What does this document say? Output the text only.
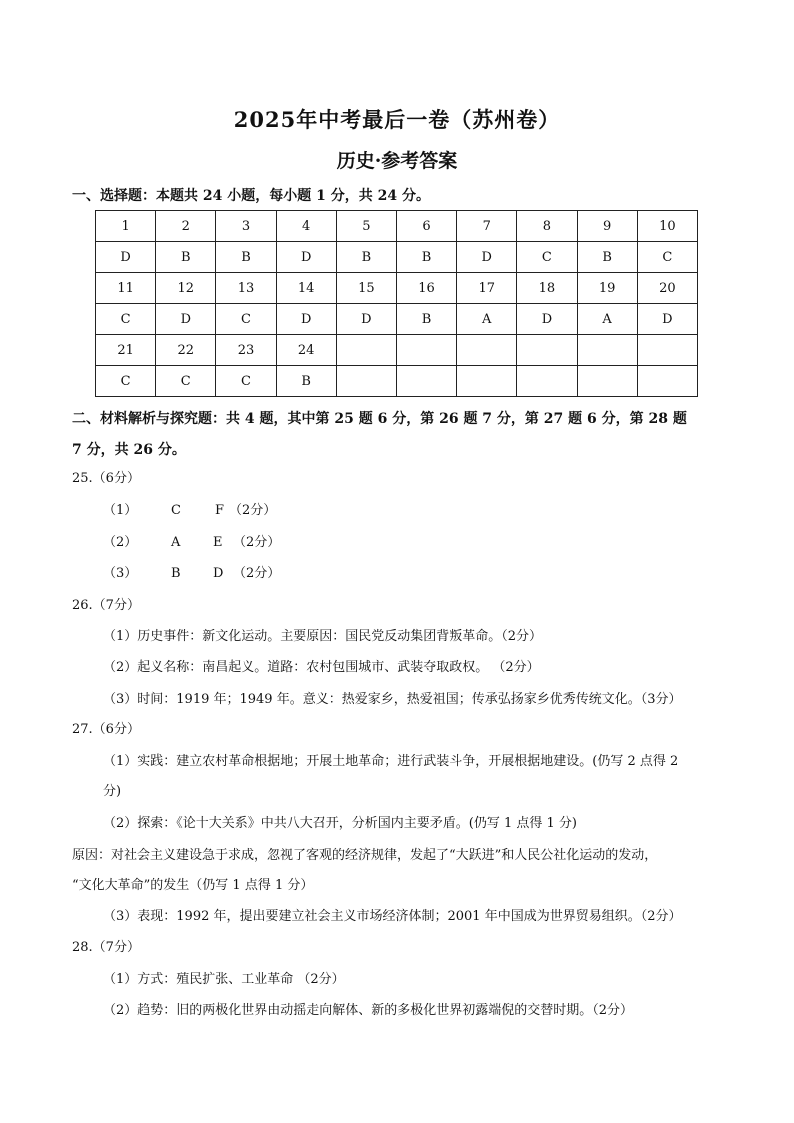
2025年中考最后一卷（苏州卷）
历史·参考答案
一、选择题：本题共 24 小题，每小题 1 分，共 24 分。
1	2	3	4	5	6	7	8	9	10
D	B	B	D	B	B	D	C	B	C
11	12	13	14	15	16	17	18	19	20
C	D	C	D	D	B	A	D	A	D
21	22	23	24						
C	C	C	B						
二、材料解析与探究题：共 4 题，其中第 25 题 6 分，第 26 题 7 分，第 27 题 6 分，第 28 题
7 分，共 26 分。
25.（6分）
（1）	C	F （2分）
（2）	A	E （2分）
（3）	B D （2分）
26.（7分）
（1）历史事件：新文化运动。主要原因：国民党反动集团背叛革命。（2分）
（2）起义名称：南昌起义。道路：农村包围城市、武装夺取政权。 （2分）
（3）时间：1919 年；1949 年。意义：热爱家乡，热爱祖国；传承弘扬家乡优秀传统文化。（3分）
27.（6分）
（1）实践：建立农村革命根据地；开展土地革命；进行武装斗争，开展根据地建设。(仍写 2 点得 2
分)
（2）探索：《论十大关系》中共八大召开，分析国内主要矛盾。(仍写 1 点得 1 分)
原因：对社会主义建设急于求成，忽视了客观的经济规律，发起了“大跃进”和人民公社化运动的发动，
“文化大革命”的发生（仍写 1 点得 1 分）
（3）表现：1992 年，提出要建立社会主义市场经济体制；2001 年中国成为世界贸易组织。（2分）
28.（7分）
（1）方式：殖民扩张、工业革命 （2分）
（2）趋势：旧的两极化世界由动摇走向解体、新的多极化世界初露端倪的交替时期。（2分）
